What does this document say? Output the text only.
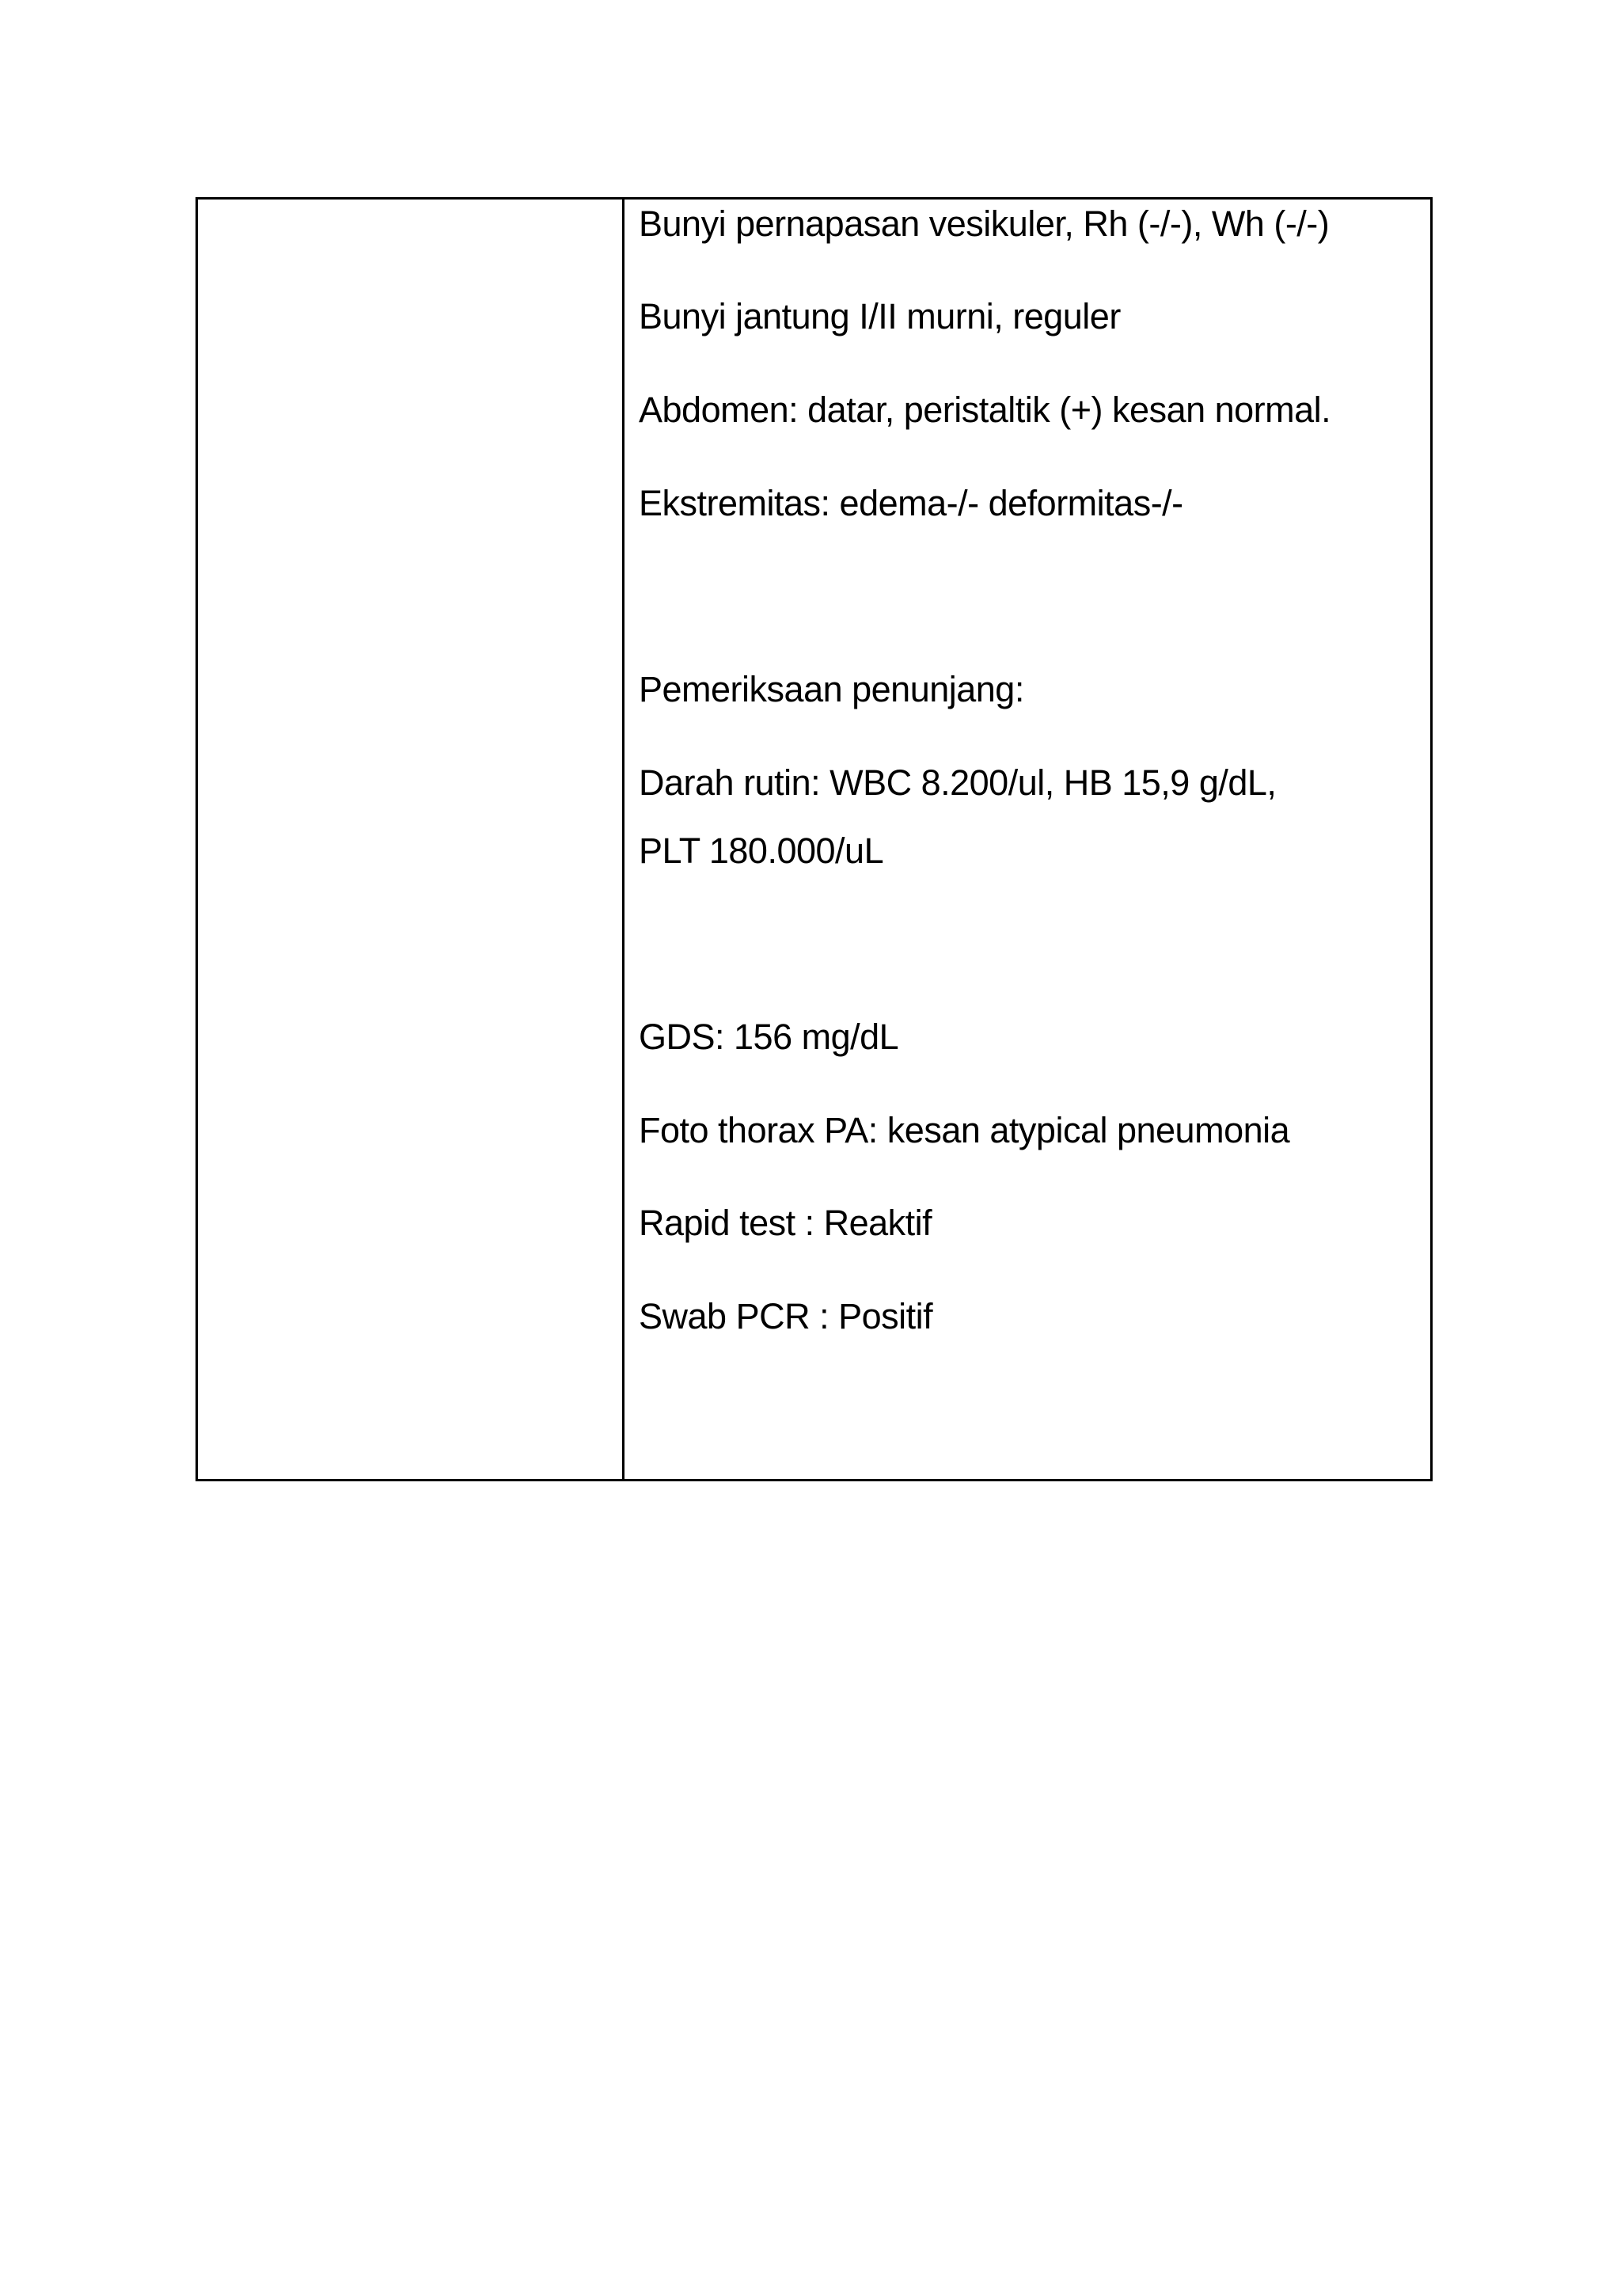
Bunyi pernapasan vesikuler, Rh (-/-), Wh (-/-)
Bunyi jantung I/II murni, reguler
Abdomen: datar, peristaltik (+) kesan normal.
Ekstremitas: edema-/- deformitas-/-
Pemeriksaan penunjang:
Darah rutin: WBC 8.200/ul, HB 15,9 g/dL,
PLT 180.000/uL
GDS: 156 mg/dL
Foto thorax PA: kesan atypical pneumonia
Rapid test : Reaktif
Swab PCR : Positif
